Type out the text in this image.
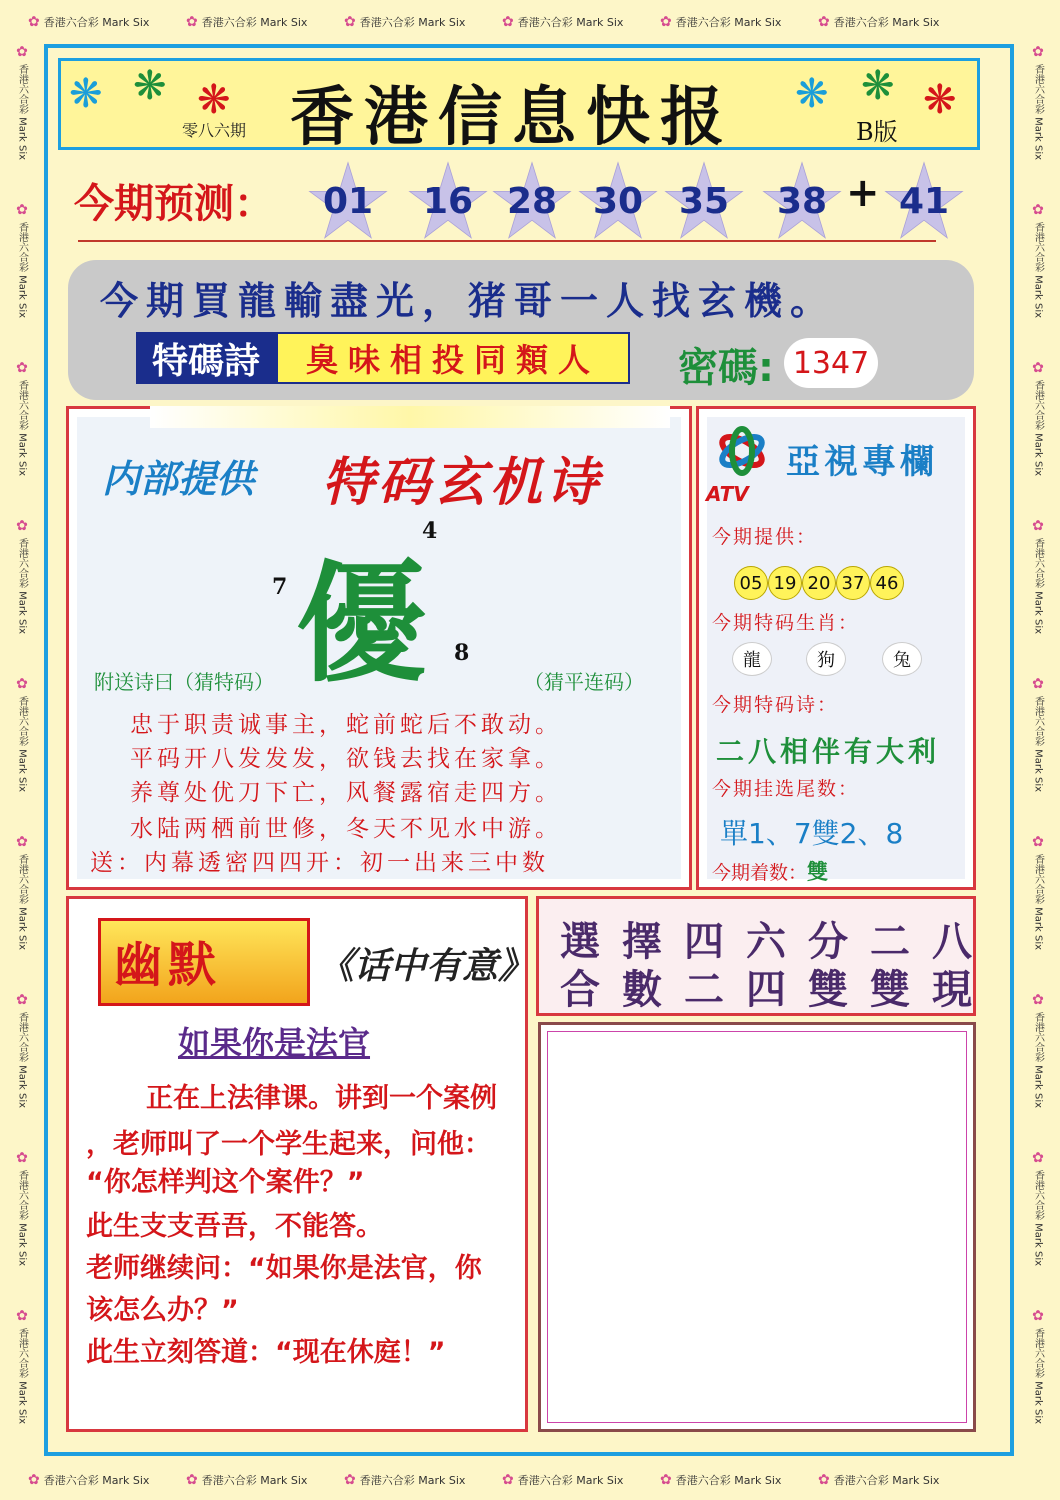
✿ 香港六合彩 Mark Six	✿ 香港六合彩 Mark Six	✿ 香港六合彩 Mark Six	✿ 香港六合彩 Mark Six	✿ 香港六合彩 Mark Six	✿ 香港六合彩 Mark Six
✿ 香港六合彩 Mark Six	✿ 香港六合彩 Mark Six	✿ 香港六合彩 Mark Six	✿ 香港六合彩 Mark Six	✿ 香港六合彩 Mark Six	✿ 香港六合彩 Mark Six
✿
香港六合彩 Mark Six
✿
香港六合彩 Mark Six
✿
香港六合彩 Mark Six
✿
香港六合彩 Mark Six
✿
香港六合彩 Mark Six
✿
香港六合彩 Mark Six
✿
香港六合彩 Mark Six
✿
香港六合彩 Mark Six
✿
香港六合彩 Mark Six
✿
香港六合彩 Mark Six
✿
香港六合彩 Mark Six
✿
香港六合彩 Mark Six
✿
香港六合彩 Mark Six
✿
香港六合彩 Mark Six
✿
香港六合彩 Mark Six
✿
香港六合彩 Mark Six
✿
香港六合彩 Mark Six
✿
香港六合彩 Mark Six
❋ ❋ ❋	❋ ❋ ❋
香港信息快报
零八六期	B版
今期预测： 01 16 28 30 35 38 + 41
今期買龍輸盡光，猪哥一人找玄機。
特碼詩	臭味相投同類人	密碼: 1347
内部提供 特码玄机诗
優
4
7
8
附送诗曰（猜特码）	（猜平连码）
忠于职责诚事主，蛇前蛇后不敢动。
平码开八发发发，欲钱去找在家拿。
养尊处优刀下亡，风餐露宿走四方。
水陆两栖前世修，冬天不见水中游。
送：内幕透密四四开：初一出来三中数
ATV
亞視專欄
今期提供：
05 19 20 37 46
今期特码生肖：
龍	狗	兔
今期特码诗：
二八相伴有大利
今期挂选尾数：
單1、7雙2、8
今期着数：雙
幽默	《话中有意》
如果你是法官
正在上法律课。讲到一个案例
，老师叫了一个学生起来，问他：
“你怎样判这个案件？”
此生支支吾吾，不能答。
老师继续问：“如果你是法官，你
该怎么办？”
此生立刻答道：“现在休庭！”
選擇四六分二八
合數二四雙雙現
